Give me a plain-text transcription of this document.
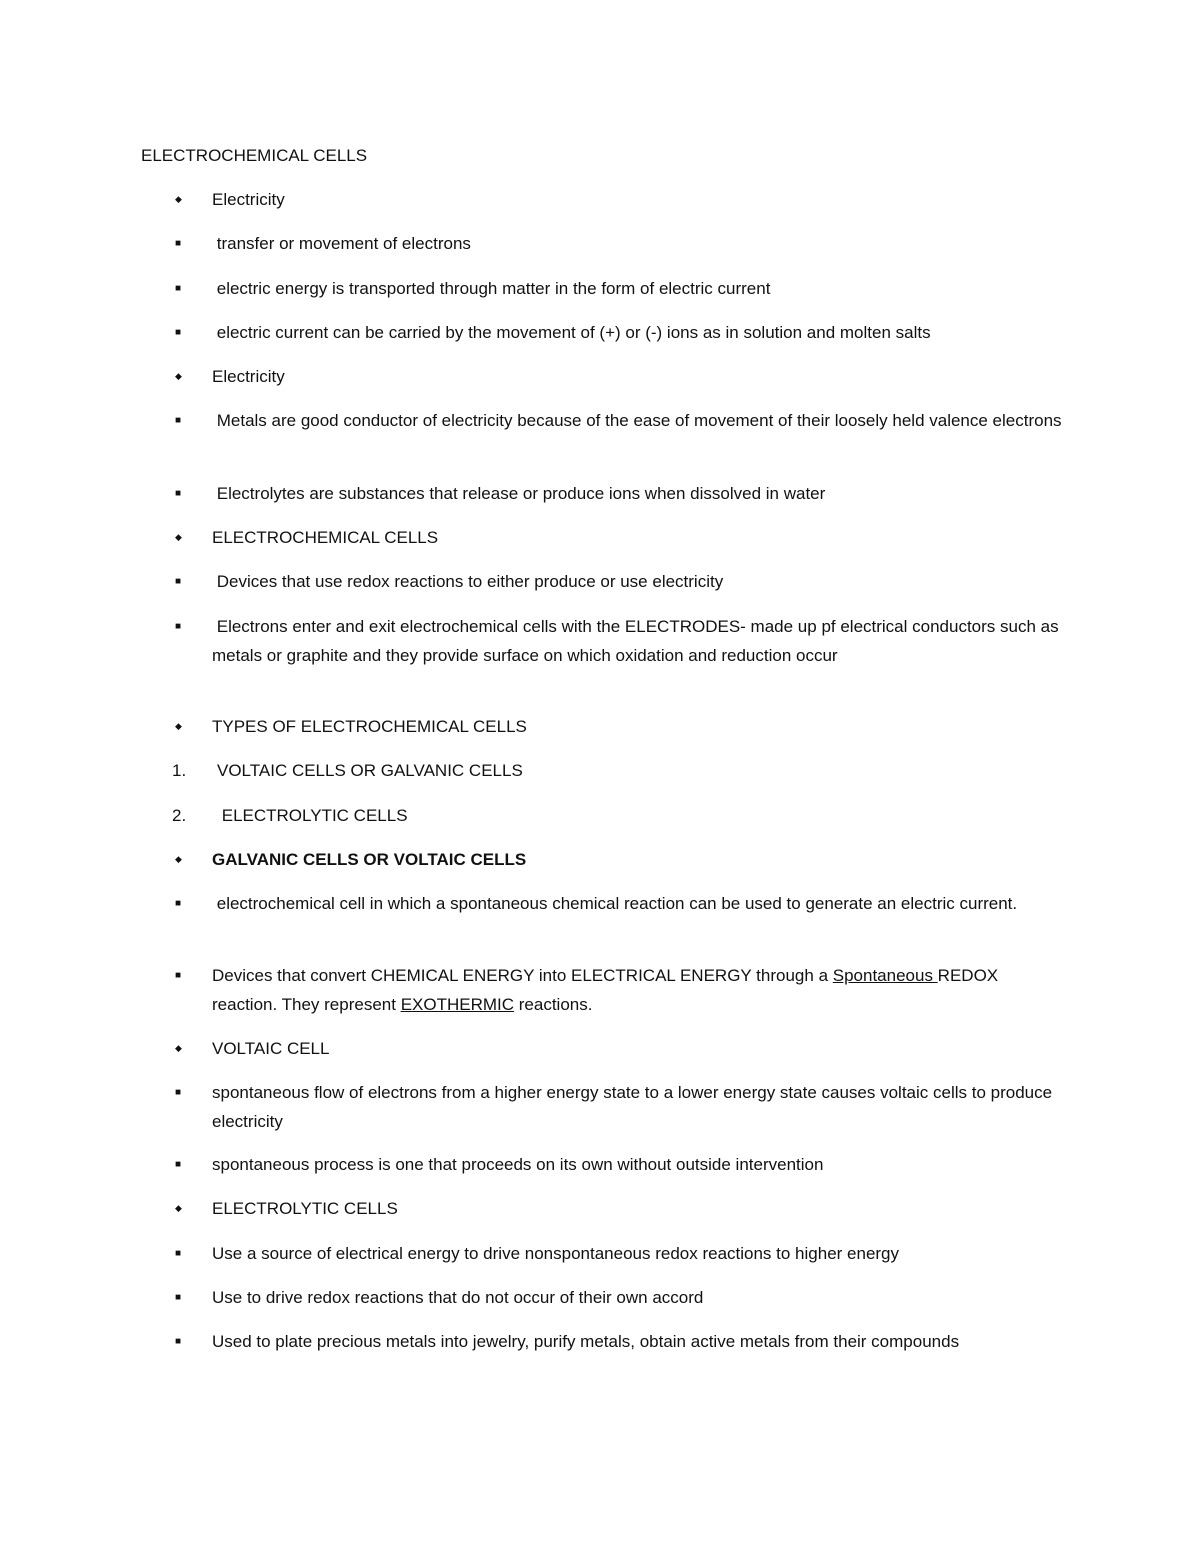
ELECTROCHEMICAL CELLS
◆	Electricity
■	transfer or movement of electrons
■	electric energy is transported through matter in the form of electric current
■	electric current can be carried by the movement of (+) or (-) ions as in solution and molten salts
◆	Electricity
■	Metals are good conductor of electricity because of the ease of movement of their loosely held valence electrons
■	Electrolytes are substances that release or produce ions when dissolved in water
◆	ELECTROCHEMICAL CELLS
■	Devices that use redox reactions to either produce or use electricity
■	Electrons enter and exit electrochemical cells with the ELECTRODES- made up pf electrical conductors such as metals or graphite and they provide surface on which oxidation and reduction occur
◆	TYPES OF ELECTROCHEMICAL CELLS
1.	VOLTAIC CELLS OR GALVANIC CELLS
2.	ELECTROLYTIC CELLS
◆	GALVANIC CELLS OR VOLTAIC CELLS
■	electrochemical cell in which a spontaneous chemical reaction can be used to generate an electric current.
■	Devices that convert CHEMICAL ENERGY into ELECTRICAL ENERGY through a Spontaneous REDOX reaction. They represent EXOTHERMIC reactions.
◆	VOLTAIC CELL
■	spontaneous flow of electrons from a higher energy state to a lower energy state causes voltaic cells to produce electricity
■	spontaneous process is one that proceeds on its own without outside intervention
◆	ELECTROLYTIC CELLS
■	Use a source of electrical energy to drive nonspontaneous redox reactions to higher energy
■	Use to drive redox reactions that do not occur of their own accord
■	Used to plate precious metals into jewelry, purify metals, obtain active metals from their compounds
